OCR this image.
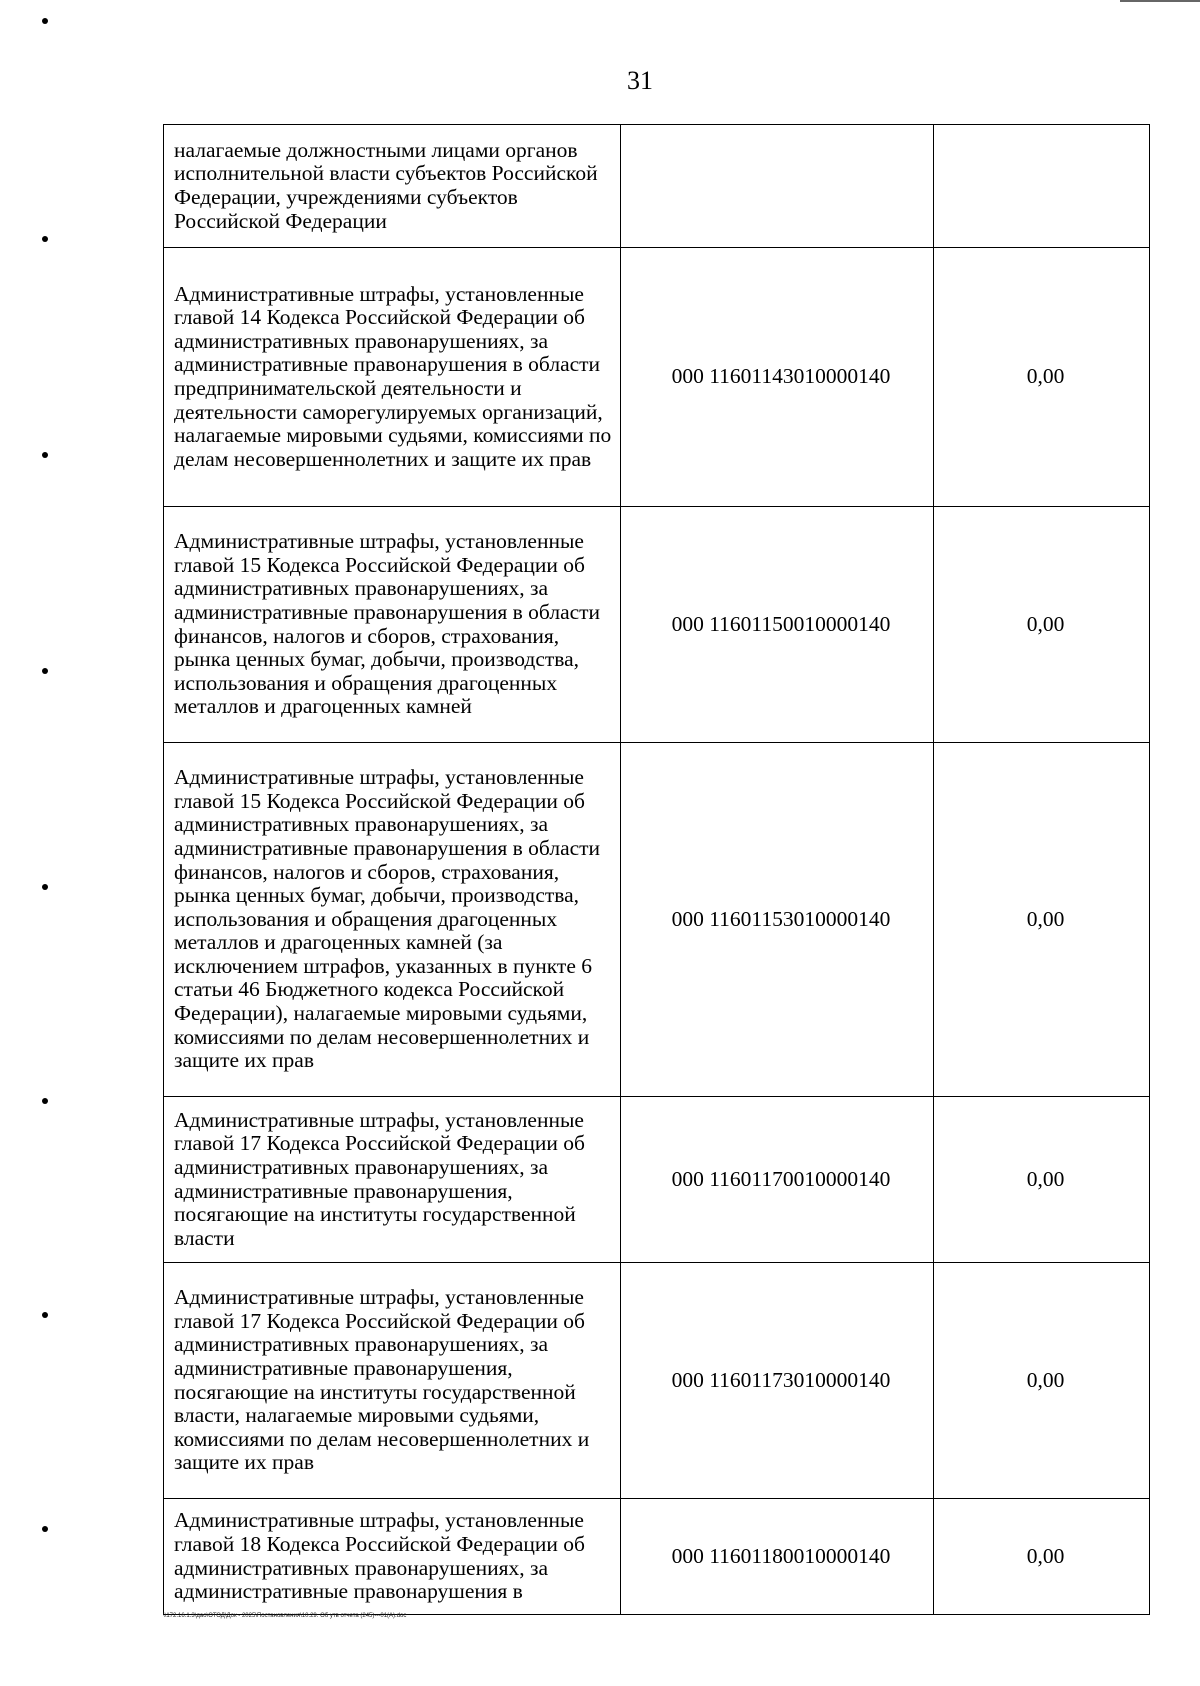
31
налагаемые должностными лицами органов исполнительной власти субъектов Российской Федерации, учреждениями субъектов Российской Федерации		
Административные штрафы, установленные главой 14 Кодекса Российской Федерации об административных правонарушениях, за административные правонарушения в области предпринимательской деятельности и деятельности саморегулируемых организаций, налагаемые мировыми судьями, комиссиями по делам несовершеннолетних и защите их прав	000 11601143010000140	0,00
Административные штрафы, установленные главой 15 Кодекса Российской Федерации об административных правонарушениях, за административные правонарушения в области финансов, налогов и сборов, страхования, рынка ценных бумаг, добычи, производства, использования и обращения драгоценных металлов и драгоценных камней	000 11601150010000140	0,00
Административные штрафы, установленные главой 15 Кодекса Российской Федерации об административных правонарушениях, за административные правонарушения в области финансов, налогов и сборов, страхования, рынка ценных бумаг, добычи, производства, использования и обращения драгоценных металлов и драгоценных камней (за исключением штрафов, указанных в пункте 6 статьи 46 Бюджетного кодекса Российской Федерации), налагаемые мировыми судьями, комиссиями по делам несовершеннолетних и защите их прав	000 11601153010000140	0,00
Административные штрафы, установленные главой 17 Кодекса Российской Федерации об административных правонарушениях, за административные правонарушения, посягающие на институты государственной власти	000 11601170010000140	0,00
Административные штрафы, установленные главой 17 Кодекса Российской Федерации об административных правонарушениях, за административные правонарушения, посягающие на институты государственной власти, налагаемые мировыми судьями, комиссиями по делам несовершеннолетних и защите их прав	000 11601173010000140	0,00
Административные штрафы, установленные главой 18 Кодекса Российской Федерации об административных правонарушениях, за административные правонарушения в	000 11601180010000140	0,00
\\172.16.1.3\дао\ОТОД\Док - 2025\Постановления\10.29. Об утв отчета (245)---01(А).doc
